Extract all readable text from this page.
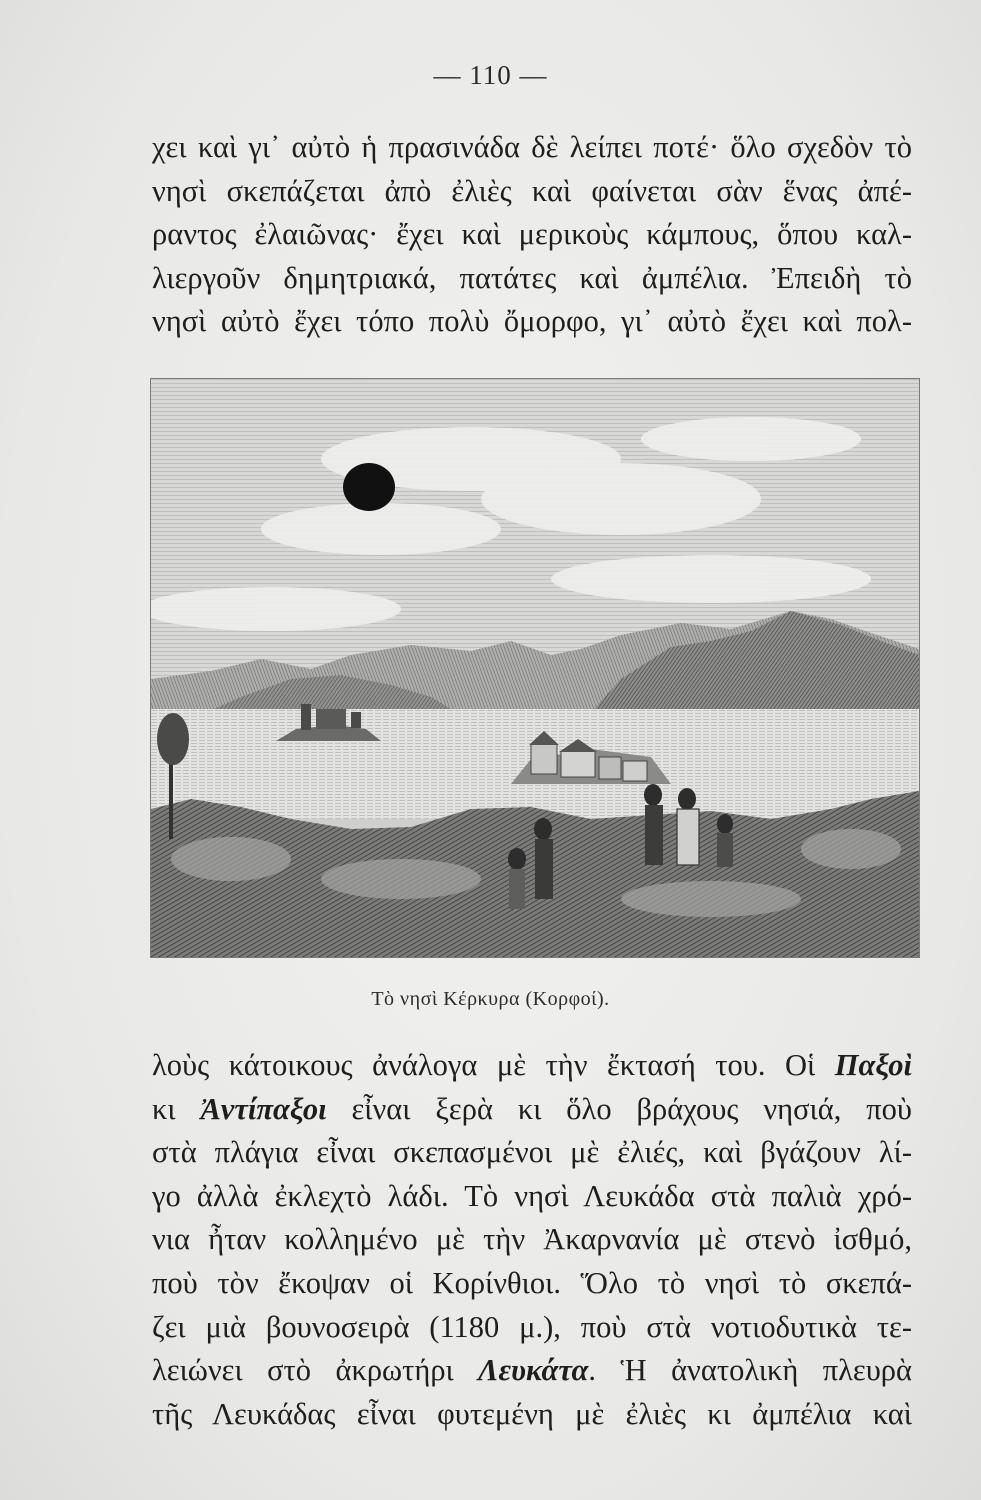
— 110 —
χει καὶ γι᾽ αὐτὸ ἡ πρασινάδα δὲ λείπει ποτέ· ὅλο σχεδὸν τὸ
νησὶ σκεπάζεται ἀπὸ ἐλιὲς καὶ φαίνεται σὰν ἕνας ἀπέ-
ραντος ἐλαιῶνας· ἔχει καὶ μερικοὺς κάμπους, ὅπου καλ-
λιεργοῦν δημητριακά, πατάτες καὶ ἀμπέλια. Ἐπειδὴ τὸ
νησὶ αὐτὸ ἔχει τόπο πολὺ ὄμορφο, γι᾽ αὐτὸ ἔχει καὶ πολ-
Τὸ νησὶ Κέρκυρα (Κορφοί).
λοὺς κάτοικους ἀνάλογα μὲ τὴν ἔκτασή του. Οἱ Παξοὶ
κι Ἀντίπαξοι εἶναι ξερὰ κι ὅλο βράχους νησιά, ποὺ
στὰ πλάγια εἶναι σκεπασμένοι μὲ ἐλιές, καὶ βγάζουν λί-
γο ἀλλὰ ἐκλεχτὸ λάδι. Τὸ νησὶ Λευκάδα στὰ παλιὰ χρό-
νια ἦταν κολλημένο μὲ τὴν Ἀκαρνανία μὲ στενὸ ἰσθμό,
ποὺ τὸν ἔκοψαν οἱ Κορίνθιοι. Ὅλο τὸ νησὶ τὸ σκεπά-
ζει μιὰ βουνοσειρὰ (1180 μ.), ποὺ στὰ νοτιοδυτικὰ τε-
λειώνει στὸ ἀκρωτήρι Λευκάτα. Ἡ ἀνατολικὴ πλευρὰ
τῆς Λευκάδας εἶναι φυτεμένη μὲ ἐλιὲς κι ἀμπέλια καὶ
